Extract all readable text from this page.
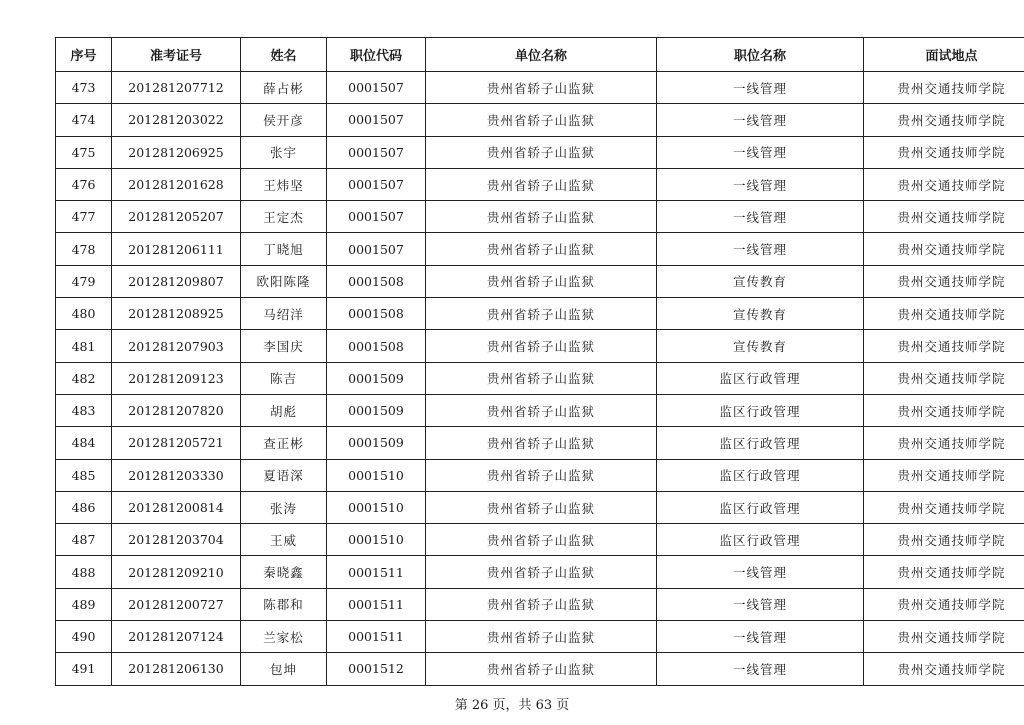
序号	准考证号	姓名	职位代码	单位名称	职位名称	面试地点
473	201281207712	薛占彬	0001507	贵州省轿子山监狱	一线管理	贵州交通技师学院
474	201281203022	侯开彦	0001507	贵州省轿子山监狱	一线管理	贵州交通技师学院
475	201281206925	张宇	0001507	贵州省轿子山监狱	一线管理	贵州交通技师学院
476	201281201628	王炜坚	0001507	贵州省轿子山监狱	一线管理	贵州交通技师学院
477	201281205207	王定杰	0001507	贵州省轿子山监狱	一线管理	贵州交通技师学院
478	201281206111	丁晓旭	0001507	贵州省轿子山监狱	一线管理	贵州交通技师学院
479	201281209807	欧阳陈隆	0001508	贵州省轿子山监狱	宣传教育	贵州交通技师学院
480	201281208925	马绍洋	0001508	贵州省轿子山监狱	宣传教育	贵州交通技师学院
481	201281207903	李国庆	0001508	贵州省轿子山监狱	宣传教育	贵州交通技师学院
482	201281209123	陈吉	0001509	贵州省轿子山监狱	监区行政管理	贵州交通技师学院
483	201281207820	胡彪	0001509	贵州省轿子山监狱	监区行政管理	贵州交通技师学院
484	201281205721	查正彬	0001509	贵州省轿子山监狱	监区行政管理	贵州交通技师学院
485	201281203330	夏语深	0001510	贵州省轿子山监狱	监区行政管理	贵州交通技师学院
486	201281200814	张涛	0001510	贵州省轿子山监狱	监区行政管理	贵州交通技师学院
487	201281203704	王威	0001510	贵州省轿子山监狱	监区行政管理	贵州交通技师学院
488	201281209210	秦晓鑫	0001511	贵州省轿子山监狱	一线管理	贵州交通技师学院
489	201281200727	陈郡和	0001511	贵州省轿子山监狱	一线管理	贵州交通技师学院
490	201281207124	兰家松	0001511	贵州省轿子山监狱	一线管理	贵州交通技师学院
491	201281206130	包坤	0001512	贵州省轿子山监狱	一线管理	贵州交通技师学院
第 26 页，共 63 页
